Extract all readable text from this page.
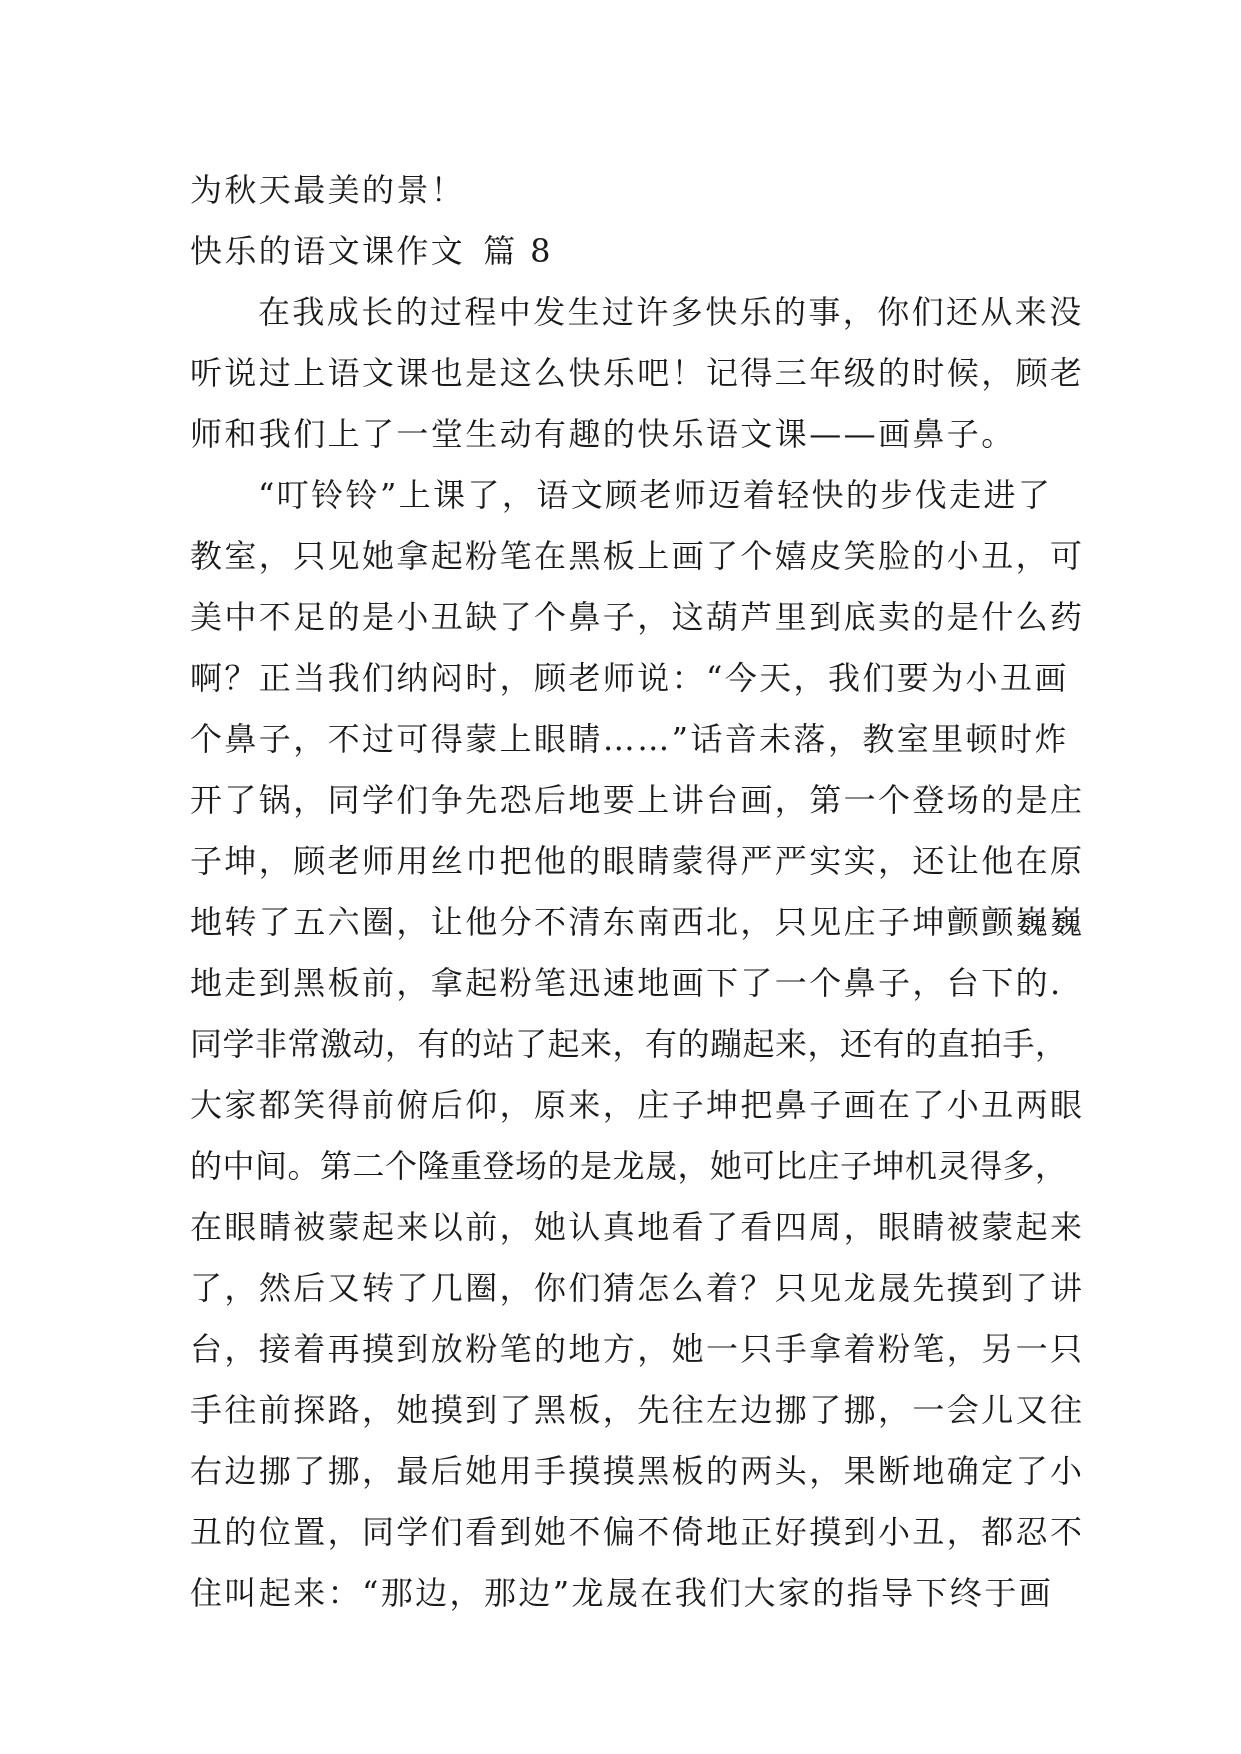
为秋天最美的景！
快乐的语文课作文 篇 8
在我成长的过程中发生过许多快乐的事，你们还从来没
听说过上语文课也是这么快乐吧！记得三年级的时候，顾老
师和我们上了一堂生动有趣的快乐语文课——画鼻子。
“叮铃铃”上课了，语文顾老师迈着轻快的步伐走进了
教室，只见她拿起粉笔在黑板上画了个嬉皮笑脸的小丑，可
美中不足的是小丑缺了个鼻子，这葫芦里到底卖的是什么药
啊？正当我们纳闷时，顾老师说：“今天，我们要为小丑画
个鼻子，不过可得蒙上眼睛……”话音未落，教室里顿时炸
开了锅，同学们争先恐后地要上讲台画，第一个登场的是庄
子坤，顾老师用丝巾把他的眼睛蒙得严严实实，还让他在原
地转了五六圈，让他分不清东南西北，只见庄子坤颤颤巍巍
地走到黑板前，拿起粉笔迅速地画下了一个鼻子，台下的.
同学非常激动，有的站了起来，有的蹦起来，还有的直拍手，
大家都笑得前俯后仰，原来，庄子坤把鼻子画在了小丑两眼
的中间。第二个隆重登场的是龙晟，她可比庄子坤机灵得多，
在眼睛被蒙起来以前，她认真地看了看四周，眼睛被蒙起来
了，然后又转了几圈，你们猜怎么着？只见龙晟先摸到了讲
台，接着再摸到放粉笔的地方，她一只手拿着粉笔，另一只
手往前探路，她摸到了黑板，先往左边挪了挪，一会儿又往
右边挪了挪，最后她用手摸摸黑板的两头，果断地确定了小
丑的位置，同学们看到她不偏不倚地正好摸到小丑，都忍不
住叫起来：“那边，那边”龙晟在我们大家的指导下终于画
